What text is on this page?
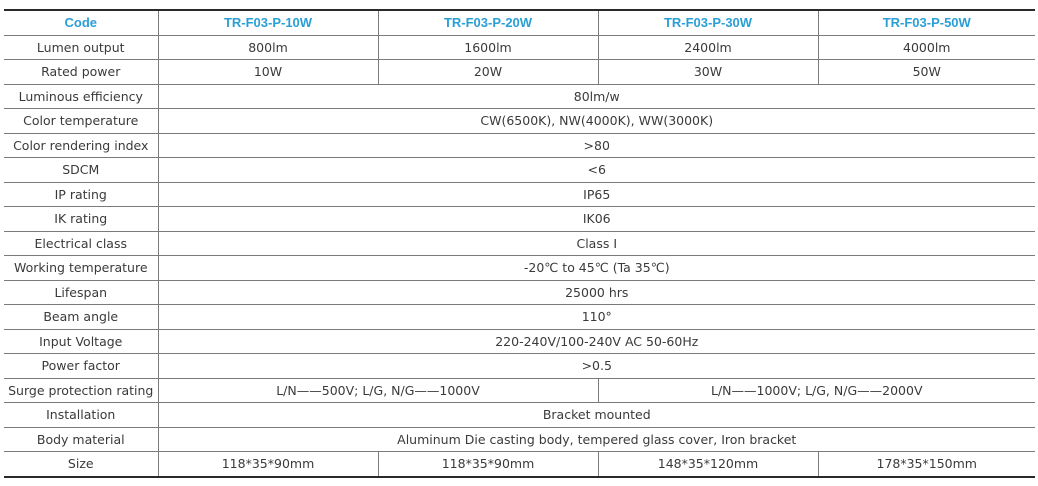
Code	TR-F03-P-10W	TR-F03-P-20W	TR-F03-P-30W	TR-F03-P-50W
Lumen output	800lm	1600lm	2400lm	4000lm
Rated power	10W	20W	30W	50W
Luminous efficiency	80lm/w			
Color temperature	CW(6500K), NW(4000K), WW(3000K)			
Color rendering index	>80			
SDCM	<6			
IP rating	IP65			
IK rating	IK06			
Electrical class	Class I			
Working temperature	-20℃ to 45℃ (Ta 35℃)			
Lifespan	25000 hrs			
Beam angle	110°			
Input Voltage	220-240V/100-240V AC 50-60Hz			
Power factor	>0.5			
Surge protection rating	L/N——500V; L/G, N/G——1000V		L/N——1000V; L/G, N/G——2000V	
Installation	Bracket mounted			
Body material	Aluminum Die casting body, tempered glass cover, Iron bracket			
Size	118*35*90mm	118*35*90mm	148*35*120mm	178*35*150mm
